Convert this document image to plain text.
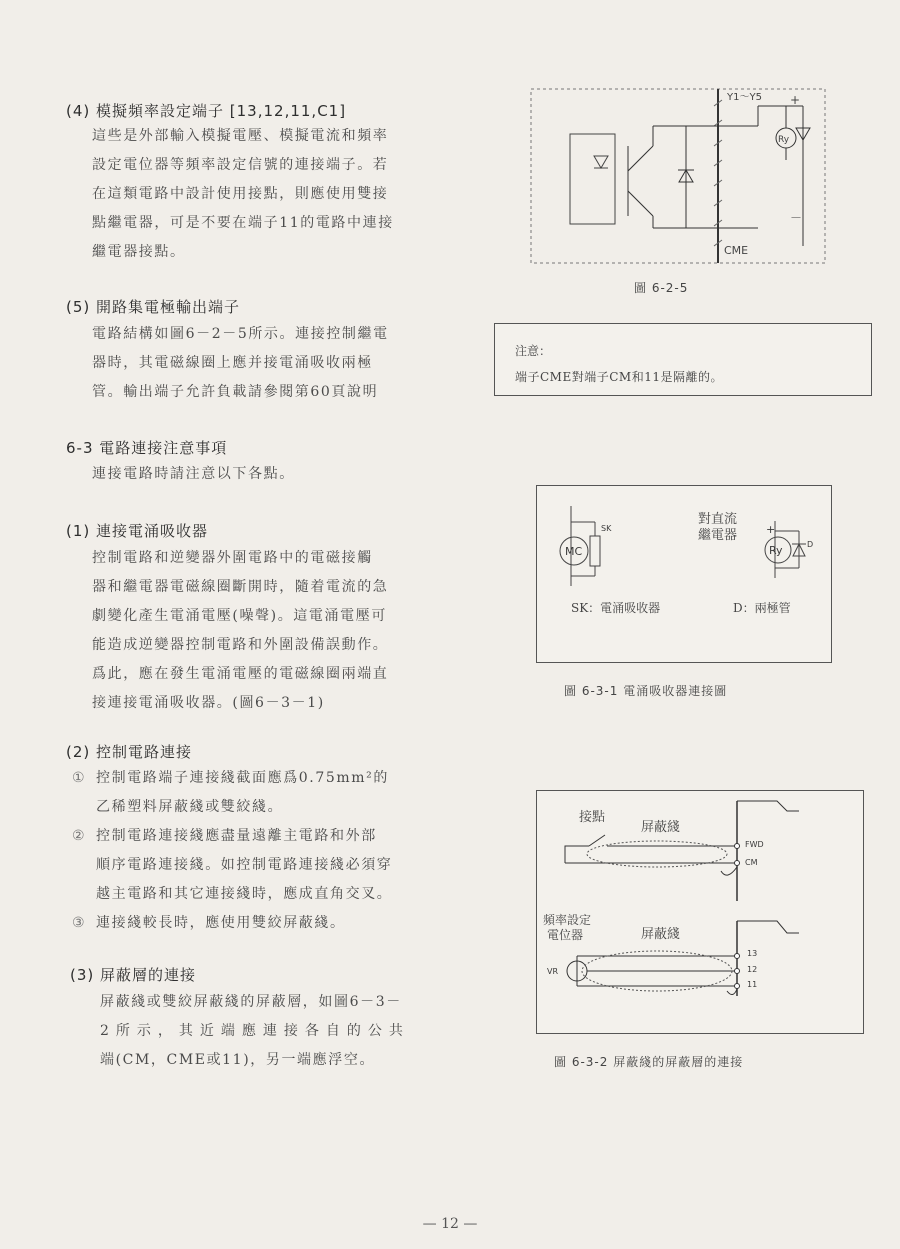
(4) 模擬頻率設定端子 [13,12,11,C1]

這些是外部輸入模擬電壓、模擬電流和頻率

設定電位器等頻率設定信號的連接端子。若

在這類電路中設計使用接點，則應使用雙接

點繼電器，可是不要在端子11的電路中連接

繼電器接點。

(5) 開路集電極輸出端子

電路結構如圖6－2－5所示。連接控制繼電

器時，其電磁線圈上應并接電涌吸收兩極

管。輸出端子允許負載請參閱第60頁說明

6-3 電路連接注意事項
連接電路時請注意以下各點。
(1) 連接電涌吸收器

控制電路和逆變器外圍電路中的電磁接觸

器和繼電器電磁線圈斷開時，隨着電流的急

劇變化產生電涌電壓(噪聲)。這電涌電壓可

能造成逆變器控制電路和外圍設備誤動作。

爲此，應在發生電涌電壓的電磁線圈兩端直

接連接電涌吸收器。(圖6－3－1)

(2) 控制電路連接
① 控制電路端子連接綫截面應爲0.75mm²的
乙稀塑料屏蔽綫或雙絞綫。
② 控制電路連接綫應盡量遠離主電路和外部
順序電路連接綫。如控制電路連接綫必須穿
越主電路和其它連接綫時，應成直角交叉。
③ 連接綫較長時，應使用雙絞屏蔽綫。
(3) 屏蔽層的連接

屏蔽綫或雙絞屏蔽綫的屏蔽層，如圖6－3－

2所示，其近端應連接各自的公共

端(CM，CME或11)，另一端應浮空。

Y1～Y5 +
Ry
－
CME
圖 6-2-5
注意：
端子CME對端子CM和11是隔離的。
MC
SK
對直流
繼電器	+
Ry	D
SK：電涌吸收器	D：兩極管
圖 6-3-1 電涌吸收器連接圖
接點
屏蔽綫
FWD
CM
頻率設定
電位器	屏蔽綫
VR
13
12
11
圖 6-3-2 屏蔽綫的屏蔽層的連接
— 12 —
